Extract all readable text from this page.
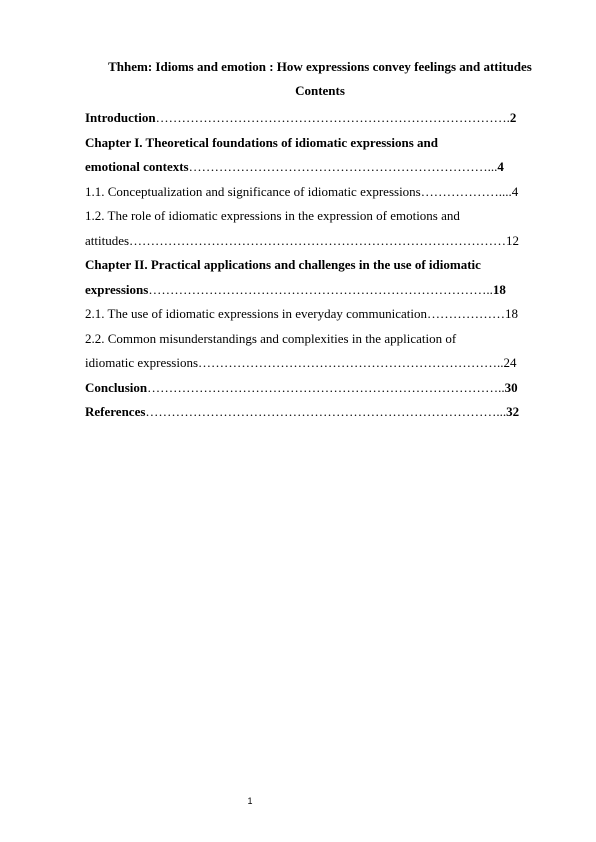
Thhem: Idioms and emotion : How expressions convey feelings and attitudes
Contents
Introduction……………………………………………………………………….2
Chapter I. Theoretical foundations of idiomatic expressions and
emotional contexts……………………………………………………………...4
1.1. Conceptualization and significance of idiomatic expressions………………....4
1.2. The role of idiomatic expressions in the expression of emotions and
attitudes……………………………………………………………………………12
Chapter II. Practical applications and challenges in the use of idiomatic
expressions……………………………………………………………………..18
2.1. The use of idiomatic expressions in everyday communication………………18
2.2. Common misunderstandings and complexities in the application of
idiomatic expressions……………………………………………………………..24
Conclusion………………………………………………………………………..30
References………………………………………………………………………...32
1
